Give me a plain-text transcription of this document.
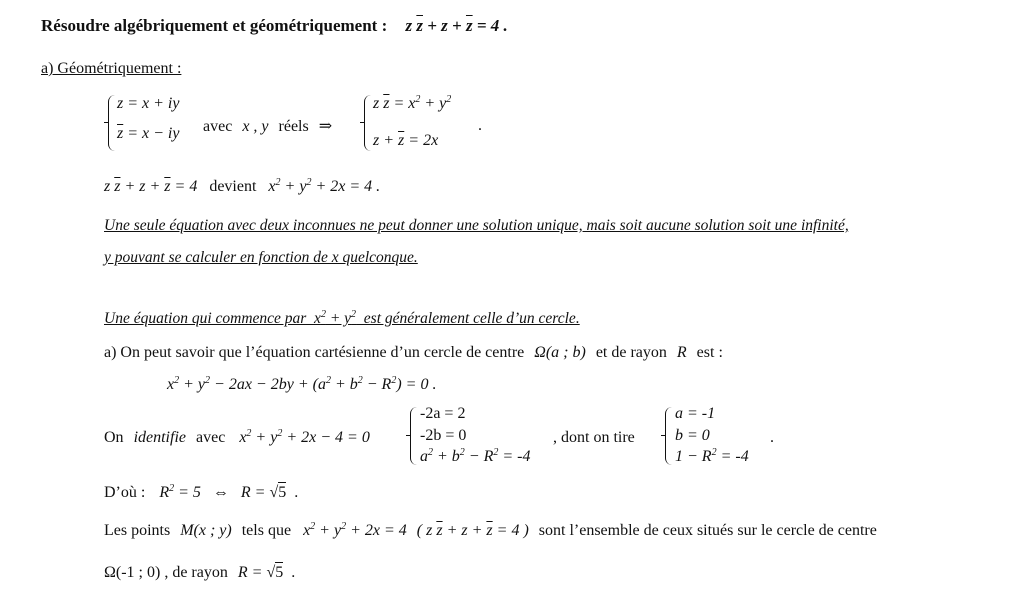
Résoudre algébriquement et géométriquement : z $\overline{z} + z + \overline{z} = 4$ .
a) Géométriquement :
z = x + iy
$\overline{z} = x$ − iy avec x , y réels ⇒
z $\overline{z} = x^2 + y^2$
$z + \overline{z} = 2x$
.
z $\overline{z} + z + \overline{z} = 4$ devient $x^2 + y^2 + 2x = 4$ .
Une seule équation avec deux inconnues ne peut donner une solution unique, mais soit aucune solution soit une infinité,
y pouvant se calculer en fonction de x quelconque.
Une équation qui commence par  $x^2 + y^2$  est généralement celle d’un cercle.
a) On peut savoir que l’équation cartésienne d’un cercle de centre Ω(a ; b) et de rayon R est :
$x^2 + y^2 - 2ax - 2by + (a^2 + b^2 - R^2) = 0$ .
On identifie avec $x^2 + y^2 + 2x - 4 = 0$
-2a = 2
-2b = 0
$a^2 + b^2 - R^2 = -4$
, dont on tire
a = -1
b = 0
$1 - R^2 = -4$
.
D’où : $R^2 = 5$ ⇔ R = √5 .
Les points M(x ; y) tels que $x^2 + y^2 + 2x = 4$ ( z $\overline{z} + z + \overline{z} = 4$ ) sont l’ensemble de ceux situés sur le cercle de centre
Ω(-1 ; 0) , de rayon R = √5 .
